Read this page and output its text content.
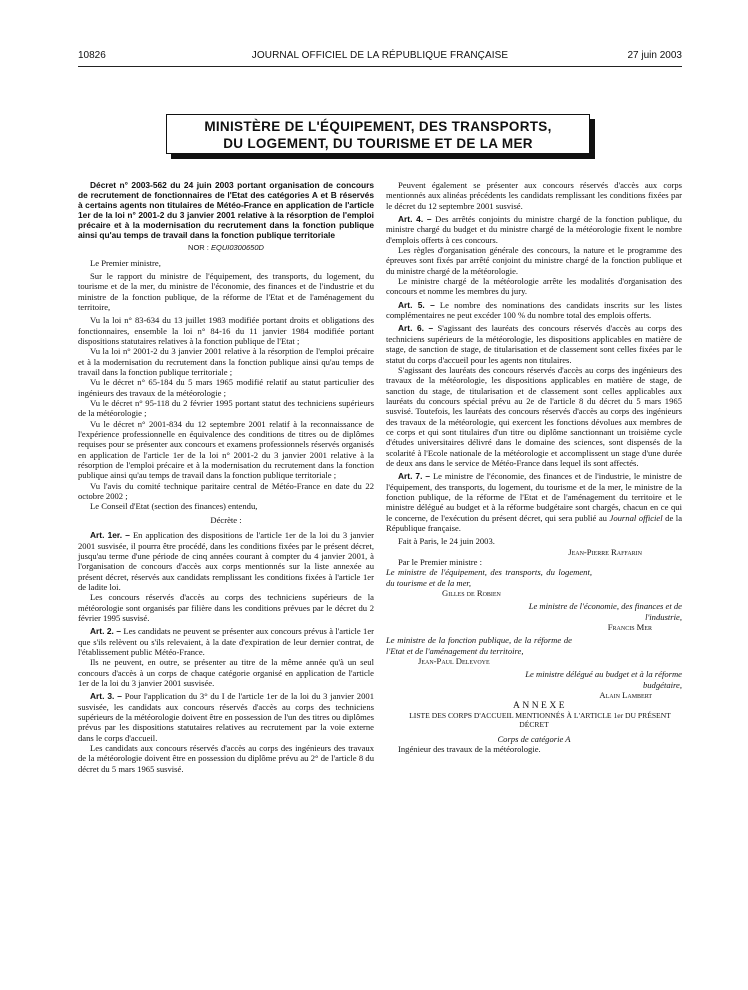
10826	JOURNAL OFFICIEL DE LA RÉPUBLIQUE FRANÇAISE	27 juin 2003
MINISTÈRE DE L'ÉQUIPEMENT, DES TRANSPORTS,
DU LOGEMENT, DU TOURISME ET DE LA MER

Décret n° 2003-562 du 24 juin 2003 portant organisation de concours de recrutement de fonctionnaires de l'Etat des catégories A et B réservés à certains agents non titulaires de Météo-France en application de l'article 1er de la loi n° 2001-2 du 3 janvier 2001 relative à la résorption de l'emploi précaire et à la modernisation du recrutement dans la fonction publique ainsi qu'au temps de travail dans la fonction publique territoriale

NOR : EQUI0300650D

Le Premier ministre,

Sur le rapport du ministre de l'équipement, des transports, du logement, du tourisme et de la mer, du ministre de l'économie, des finances et de l'industrie et du ministre de la fonction publique, de la réforme de l'Etat et de l'aménagement du territoire,

Vu la loi n° 83-634 du 13 juillet 1983 modifiée portant droits et obligations des fonctionnaires, ensemble la loi n° 84-16 du 11 janvier 1984 modifiée portant dispositions statutaires relatives à la fonction publique de l'Etat ;

Vu la loi n° 2001-2 du 3 janvier 2001 relative à la résorption de l'emploi précaire et à la modernisation du recrutement dans la fonction publique ainsi qu'au temps de travail dans la fonction publique territoriale ;

Vu le décret n° 65-184 du 5 mars 1965 modifié relatif au statut particulier des ingénieurs des travaux de la météorologie ;

Vu le décret n° 95-118 du 2 février 1995 portant statut des techniciens supérieurs de la météorologie ;

Vu le décret n° 2001-834 du 12 septembre 2001 relatif à la reconnaissance de l'expérience professionnelle en équivalence des conditions de titres ou de diplômes requises pour se présenter aux concours et examens professionnels réservés organisés en application de l'article 1er de la loi n° 2001-2 du 3 janvier 2001 relative à la résorption de l'emploi précaire et à la modernisation du recrutement dans la fonction publique ainsi qu'au temps de travail dans la fonction publique territoriale ;

Vu l'avis du comité technique paritaire central de Météo-France en date du 22 octobre 2002 ;

Le Conseil d'Etat (section des finances) entendu,

Décrète :

Art. 1er. – En application des dispositions de l'article 1er de la loi du 3 janvier 2001 susvisée, il pourra être procédé, dans les conditions fixées par le présent décret, jusqu'au terme d'une période de cinq années courant à compter du 4 janvier 2001, à l'organisation de concours d'accès aux corps mentionnés sur la liste annexée au présent décret, réservés aux candidats remplissant les conditions fixées à l'article 1er de ladite loi.

Les concours réservés d'accès au corps des techniciens supérieurs de la météorologie sont organisés par filière dans les conditions prévues par le décret du 2 février 1995 susvisé.

Art. 2. – Les candidats ne peuvent se présenter aux concours prévus à l'article 1er que s'ils relèvent ou s'ils relevaient, à la date d'expiration de leur dernier contrat, de l'établissement public Météo-France.

Ils ne peuvent, en outre, se présenter au titre de la même année qu'à un seul concours d'accès à un corps de chaque catégorie organisé en application de l'article 1er de la loi du 3 janvier 2001 susvisée.

Art. 3. – Pour l'application du 3° du I de l'article 1er de la loi du 3 janvier 2001 susvisée, les candidats aux concours réservés d'accès au corps des techniciens supérieurs de la météorologie doivent être en possession de l'un des titres ou diplômes prévus par les dispositions statutaires relatives au recrutement par la voie externe dans le corps d'accueil.

Les candidats aux concours réservés d'accès au corps des ingénieurs des travaux de la météorologie doivent être en possession du diplôme prévu au 2° de l'article 8 du décret du 5 mars 1965 susvisé.

Peuvent également se présenter aux concours réservés d'accès aux corps mentionnés aux alinéas précédents les candidats remplissant les conditions fixées par le décret du 12 septembre 2001 susvisé.

Art. 4. – Des arrêtés conjoints du ministre chargé de la fonction publique, du ministre chargé du budget et du ministre chargé de la météorologie fixent le nombre d'emplois offerts à ces concours.

Les règles d'organisation générale des concours, la nature et le programme des épreuves sont fixés par arrêté conjoint du ministre chargé de la fonction publique et du ministre chargé de la météorologie.

Le ministre chargé de la météorologie arrête les modalités d'organisation des concours et nomme les membres du jury.

Art. 5. – Le nombre des nominations des candidats inscrits sur les listes complémentaires ne peut excéder 100 % du nombre total des emplois offerts.

Art. 6. – S'agissant des lauréats des concours réservés d'accès au corps des techniciens supérieurs de la météorologie, les dispositions applicables en matière de stage, de sanction de stage, de titularisation et de classement sont celles fixées par le statut du corps d'accueil pour les agents non titulaires.

S'agissant des lauréats des concours réservés d'accès au corps des ingénieurs des travaux de la météorologie, les dispositions applicables en matière de stage, de sanction du stage, de titularisation et de classement sont celles applicables aux lauréats du concours spécial prévu au 2e de l'article 8 du décret du 5 mars 1965 susvisé. Toutefois, les lauréats des concours réservés d'accès au corps des ingénieurs des travaux de la météorologie, qui exercent les fonctions dévolues aux membres de ce corps et qui sont titulaires d'un titre ou diplôme sanctionnant un troisième cycle d'études universitaires délivré dans le domaine des sciences, sont dispensés de la scolarité à l'Ecole nationale de la météorologie et accomplissent un stage d'une durée de deux ans dans le service de Météo-France dans lequel ils sont affectés.

Art. 7. – Le ministre de l'économie, des finances et de l'industrie, le ministre de l'équipement, des transports, du logement, du tourisme et de la mer, le ministre de la fonction publique, de la réforme de l'Etat et de l'aménagement du territoire et le ministre délégué au budget et à la réforme budgétaire sont chargés, chacun en ce qui le concerne, de l'exécution du présent décret, qui sera publié au Journal officiel de la République française.

Fait à Paris, le 24 juin 2003.

Jean-Pierre Raffarin

Par le Premier ministre :

Le ministre de l'équipement, des transports, du logement, du tourisme et de la mer,

Gilles de Robien

Le ministre de l'économie, des finances et de l'industrie,

Francis Mer

Le ministre de la fonction publique, de la réforme de l'Etat et de l'aménagement du territoire,

Jean-Paul Delevoye

Le ministre délégué au budget et à la réforme budgétaire,

Alain Lambert

ANNEXE

LISTE DES CORPS D'ACCUEIL MENTIONNÉS À L'ARTICLE 1er DU PRÉSENT DÉCRET

Corps de catégorie A

Ingénieur des travaux de la météorologie.
